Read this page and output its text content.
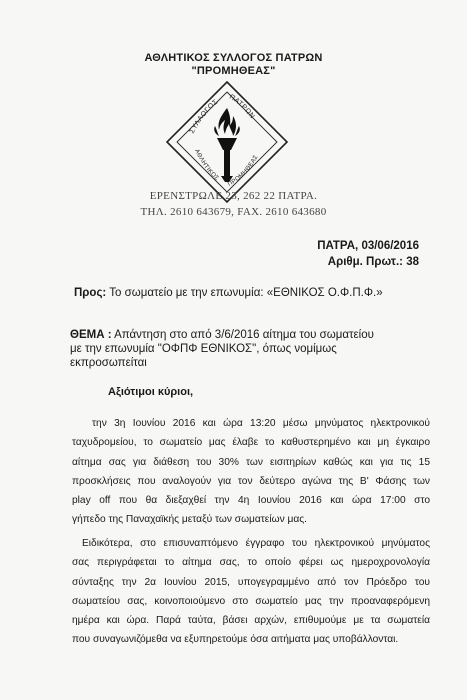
ΑΘΛΗΤΙΚΟΣ ΣΥΛΛΟΓΟΣ ΠΑΤΡΩΝ
"ΠΡΟΜΗΘΕΑΣ"
ΣΥΛΛΟΓΟΣ
ΠΑΤΡΩΝ
ΑΘΛΗΤΙΚΟΣ
ΠΡΟΜΗΘΕΑΣ
ΕΡΕΝΣΤΡΩΛΕ 23, 262 22 ΠΑΤΡΑ.
ΤΗΛ. 2610 643679, FAX. 2610 643680
ΠΑΤΡΑ, 03/06/2016
Αριθμ. Πρωτ.: 38
Προς: Το σωματείο με την επωνυμία: «ΕΘΝΙΚΟΣ Ο.Φ.Π.Φ.»
ΘΕΜΑ : Απάντηση στο από 3/6/2016 αίτημα του σωματείου
με την επωνυμία "ΟΦΠΦ ΕΘΝΙΚΟΣ", όπως νομίμως
εκπροσωπείται
Αξιότιμοι κύριοι,
την 3η Ιουνίου 2016 και ώρα 13:20 μέσω μηνύματος ηλεκτρονικού
ταχυδρομείου, το σωματείο μας έλαβε το καθυστερημένο και μη έγκαιρο
αίτημα σας για διάθεση του 30% των εισιτηρίων καθώς και για τις 15
προσκλήσεις που αναλογούν για τον δεύτερο αγώνα της Β' Φάσης των
play off που θα διεξαχθεί την 4η Ιουνίου 2016 και ώρα 17:00 στο
γήπεδο της Παναχαϊκής μεταξύ των σωματείων μας.
Ειδικότερα, στο επισυναπτόμενο έγγραφο του ηλεκτρονικού μηνύματος
σας περιγράφεται το αίτημα σας, το οποίο φέρει ως ημεροχρονολογία
σύνταξης την 2α Ιουνίου 2015, υπογεγραμμένο από τον Πρόεδρο του
σωματείου σας, κοινοποιούμενο στο σωματείο μας την προαναφερόμενη
ημέρα και ώρα. Παρά ταύτα, βάσει αρχών, επιθυμούμε με τα σωματεία
που συναγωνιζόμεθα να εξυπηρετούμε όσα αιτήματα μας υποβάλλονται.
